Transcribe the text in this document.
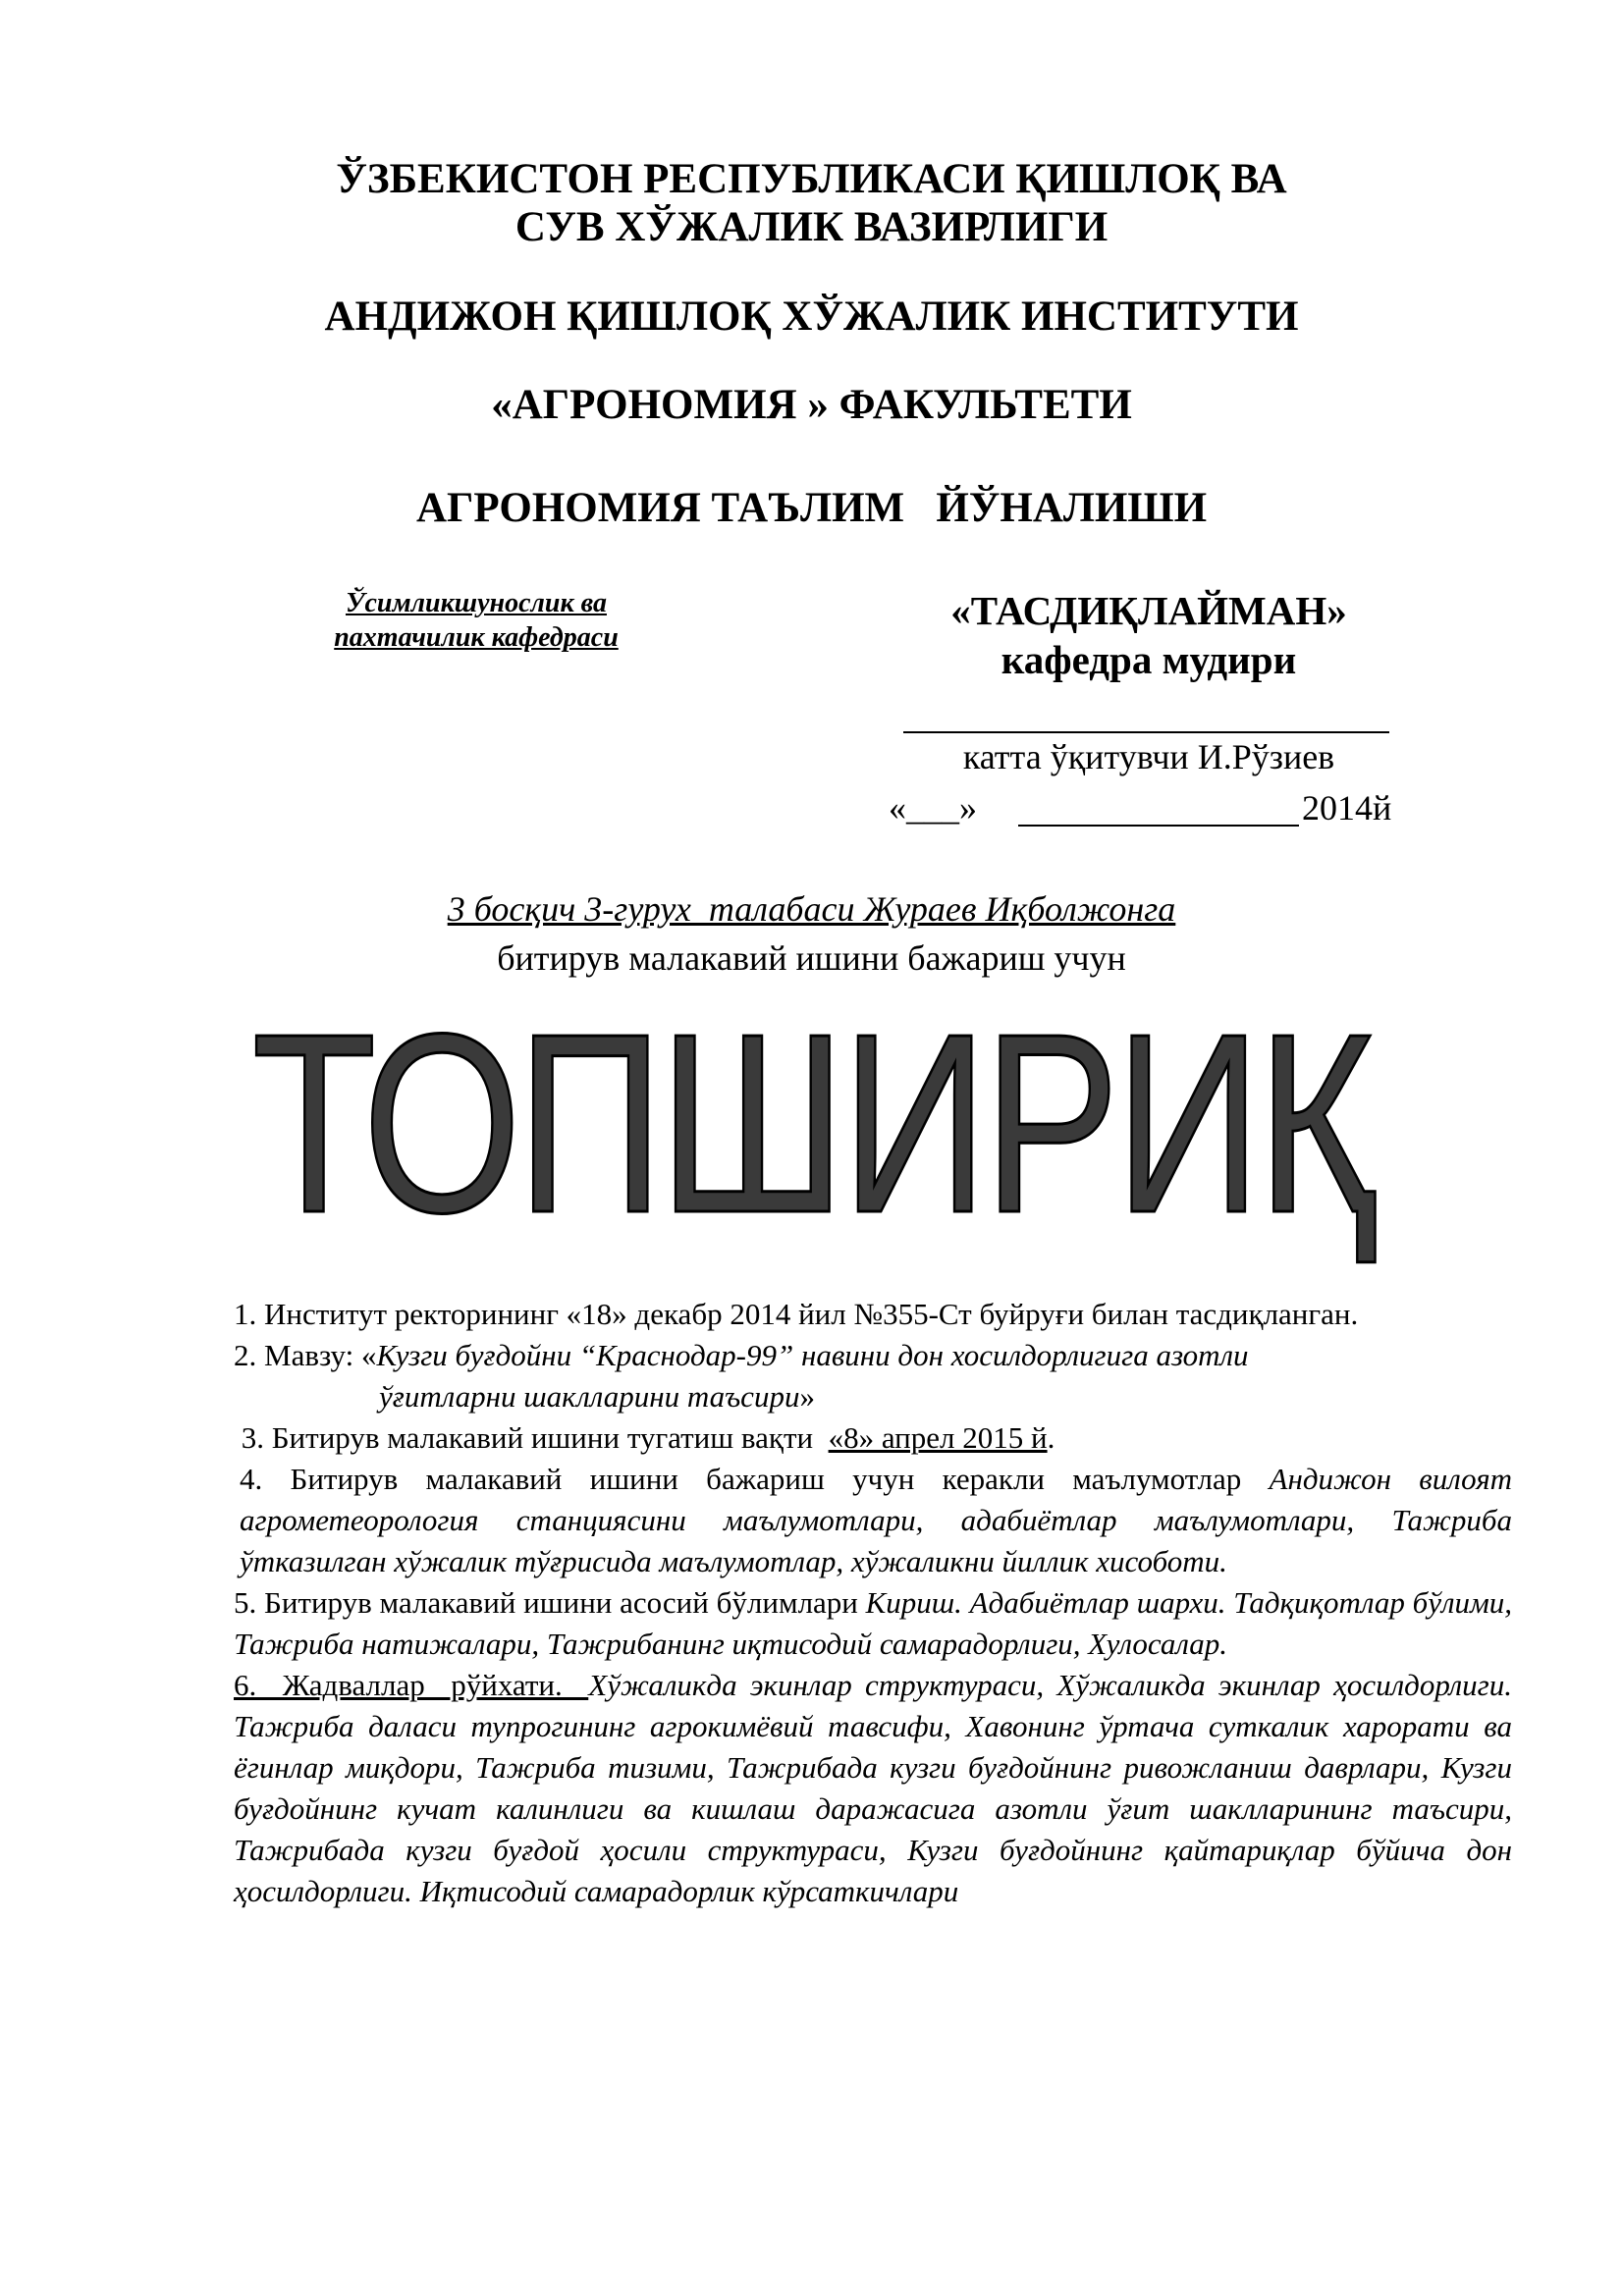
ЎЗБЕКИСТОН РЕСПУБЛИКАСИ ҚИШЛОҚ ВА
СУВ ХЎЖАЛИК ВАЗИРЛИГИ
АНДИЖОН ҚИШЛОҚ ХЎЖАЛИК ИНСТИТУТИ
«АГРОНОМИЯ » ФАКУЛЬТЕТИ
АГРОНОМИЯ ТАЪЛИМ   ЙЎНАЛИШИ
Ўсимликшунослик ва
пахтачилик кафедраси
«ТАСДИҚЛАЙМАН»
кафедра мудири
катта ўқитувчи И.Рўзиев
«___»	2014й
3 босқич 3-гурух  талабаси Жураев Иқболжонга
битирув малакавий ишини бажариш учун
ТОПШИРИҚ

1. Институт ректорининг «18» декабр 2014 йил №355-Ст буйруғи билан тасдиқланган.

2. Мавзу: «Кузги буғдойни “Краснодар-99” навини дон хосилдорлигига азотли

ўғитларни шаклларини таъсири»

3. Битирув малакавий ишини тугатиш вақти  «8» апрел 2015 й.

4. Битирув малакавий ишини бажариш учун керакли маълумотлар Андижон вилоят агрометеорология станциясини маълумотлари, адабиётлар маълумотлари, Тажриба ўтказилган хўжалик тўғрисида маълумотлар, хўжаликни йиллик хисоботи.

5. Битирув малакавий ишини асосий бўлимлари Кириш. Адабиётлар шархи. Тадқиқотлар бўлими, Тажриба натижалари, Тажрибанинг иқтисодий самарадорлиги, Хулосалар.

6.  Жадваллар  рўйхати.  Хўжаликда экинлар структураси, Хўжаликда экинлар ҳосилдорлиги. Тажриба даласи тупрогининг агрокимёвий тавсифи, Хавонинг ўртача суткалик харорати ва ёгинлар миқдори, Тажриба тизими, Тажрибада кузги буғдойнинг ривожланиш даврлари, Кузги буғдойнинг кучат калинлиги ва кишлаш даражасига азотли ўғит шаклларининг таъсири, Тажрибада кузги буғдой ҳосили структураси, Кузги буғдойнинг қайтариқлар бўйича дон ҳосилдорлиги. Иқтисодий самарадорлик кўрсаткичлари
